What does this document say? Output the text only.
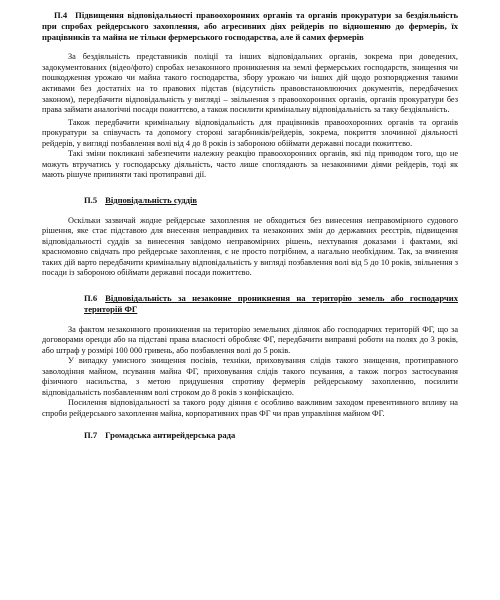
П.4 Підвищення відповідальності правоохоронних органів та органів прокуратури за бездіяльність при спробах рейдерського захоплення, або агресивних діях рейдерів по відношенню до фермерів, їх працівників та майна не тільки фермерського господарства, але й самих фермерів

За бездіяльність представників поліції та інших відповідальних органів, зокрема при доведених, задокументованих (відео/фото) спробах незаконного проникнення на землі фермерських господарств, знищення чи пошкодження урожаю чи майна такого господарства, збору урожаю чи інших дій щодо розпорядження такими активами без достатніх на то правових підстав (відсутність правовстановлюючих документів, передбачених законом), передбачити відповідальність у вигляді – звільнення з правоохоронних органів, органів прокуратури без права займати аналогічні посади пожиттєво, а також посилити кримінальну відповідальність за таку бездіяльність.

Також передбачити кримінальну відповідальність для працівників правоохоронних органів та органів прокуратури за співучасть та допомогу стороні загарбників/рейдерів, зокрема, покриття злочинної діяльності рейдерів, у вигляді позбавлення волі від 4 до 8 років із забороною обіймати державні посади пожиттєво.

Такі зміни покликані забезпечити належну реакцію правоохоронних органів, які під приводом того, що не можуть втручатись у господарську діяльність, часто лише споглядають за незаконними діями рейдерів, тоді як мають рішуче припиняти такі протиправні дії.

П.5 Відповідальність суддів

Оскільки зазвичай жодне рейдерське захоплення не обходиться без винесення неправомірного судового рішення, яке стає підставою для внесення неправдивих та незаконних змін до державних реєстрів, підвищення відповідальності суддів за винесення завідомо неправомірних рішень, нехтування доказами і фактами, які красномовно свідчать про рейдерське захоплення, є не просто потрібним, а нагально необхідним. Так, за вчинення таких дій варто передбачити кримінальну відповідальність у вигляді позбавлення волі від 5 до 10 років, звільнення з посади із забороною обіймати державні посади пожиттєво.

П.6 Відповідальність за незаконне проникнення на територію земель або господарчих територій ФГ

За фактом незаконного проникнення на територію земельних ділянок або господарчих територій ФГ, що за договорами оренди або на підставі права власності обробляє ФГ, передбачити виправні роботи на полях до 3 років, або штраф у розмірі 100 000 гривень, або позбавлення волі до 5 років.

У випадку умисного знищення посівів, техніки, приховування слідів такого знищення, протиправного заволодіння майном, псування майна ФГ, приховування слідів такого псування, а також погроз застосування фізичного насильства, з метою придушення спротиву фермерів рейдерському захопленню, посилити відповідальність позбавленням волі строком до 8 років з конфіскацією.

Посилення відповідальності за такого роду діяння є особливо важливим заходом превентивного впливу на спроби рейдерського захоплення майна, корпоративних прав ФГ чи прав управління майном ФГ.

П.7 Громадська антирейдерська рада
